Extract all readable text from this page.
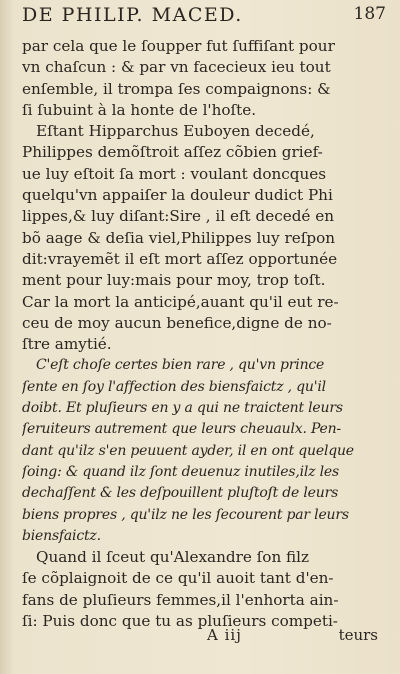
DE PHILIP. MACED.	187
par cela que le ſoupper fut ſuffiſant pour
vn chaſcun : & par vn facecieux ieu tout
enſemble, il trompa ſes compaignons: &
ſi ſubuint à la honte de l'hoſte.
Eſtant Hipparchus Euboyen decedé,
Philippes demõſtroit aſſez cõbien grief-
ue luy eſtoit ſa mort : voulant doncques
quelqu'vn appaiſer la douleur dudict Phi
lippes,& luy diſant:Sire , il eſt decedé en
bõ aage & deſia viel,Philippes luy reſpon
dit:vrayemẽt il eſt mort aſſez opportunée
ment pour luy:mais pour moy, trop toſt.
Car la mort la anticipé,auant qu'il eut re-
ceu de moy aucun benefice,digne de no-
ſtre amytié.
C'eſt choſe certes bien rare , qu'vn prince
ſente en ſoy l'affection des biensfaictz , qu'il
doibt. Et pluſieurs en y a qui ne traictent leurs
ſeruiteurs autrement que leurs cheuaulx. Pen-
dant qu'ilz s'en peuuent ayder, il en ont quelque
ſoing: & quand ilz ſont deuenuz inutiles,ilz les
dechaſſent & les deſpouillent pluſtoſt de leurs
biens propres , qu'ilz ne les ſecourent par leurs
biensfaictz.
Quand il ſceut qu'Alexandre ſon filz
ſe cõplaignoit de ce qu'il auoit tant d'en-
fans de pluſieurs femmes,il l'enhorta ain-
ſi: Puis donc que tu as pluſieurs competi-
A iij	teurs
